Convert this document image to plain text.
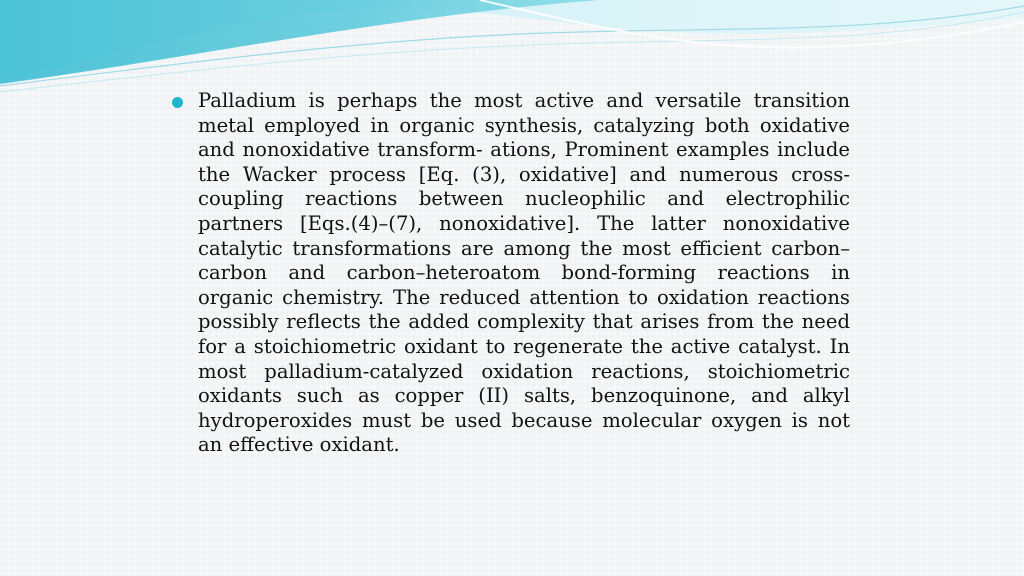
Palladium is perhaps the most active and versatile transition metal employed in organic synthesis, catalyzing both oxidative and nonoxidative transform- ations, Prominent examples include the Wacker process [Eq. (3), oxidative] and numerous cross-coupling reactions between nucleophilic and electrophilic partners [Eqs.(4)–(7), nonoxidative]. The latter nonoxidative catalytic transformations are among the most efficient carbon–carbon and carbon–heteroatom bond-forming reactions in organic chemistry. The reduced attention to oxidation reactions possibly reflects the added complexity that arises from the need for a stoichiometric oxidant to regenerate the active catalyst. In most palladium-catalyzed oxidation reactions, stoichiometric oxidants such as copper (II) salts, benzoquinone, and alkyl hydroperoxides must be used because molecular oxygen is not an effective oxidant.
